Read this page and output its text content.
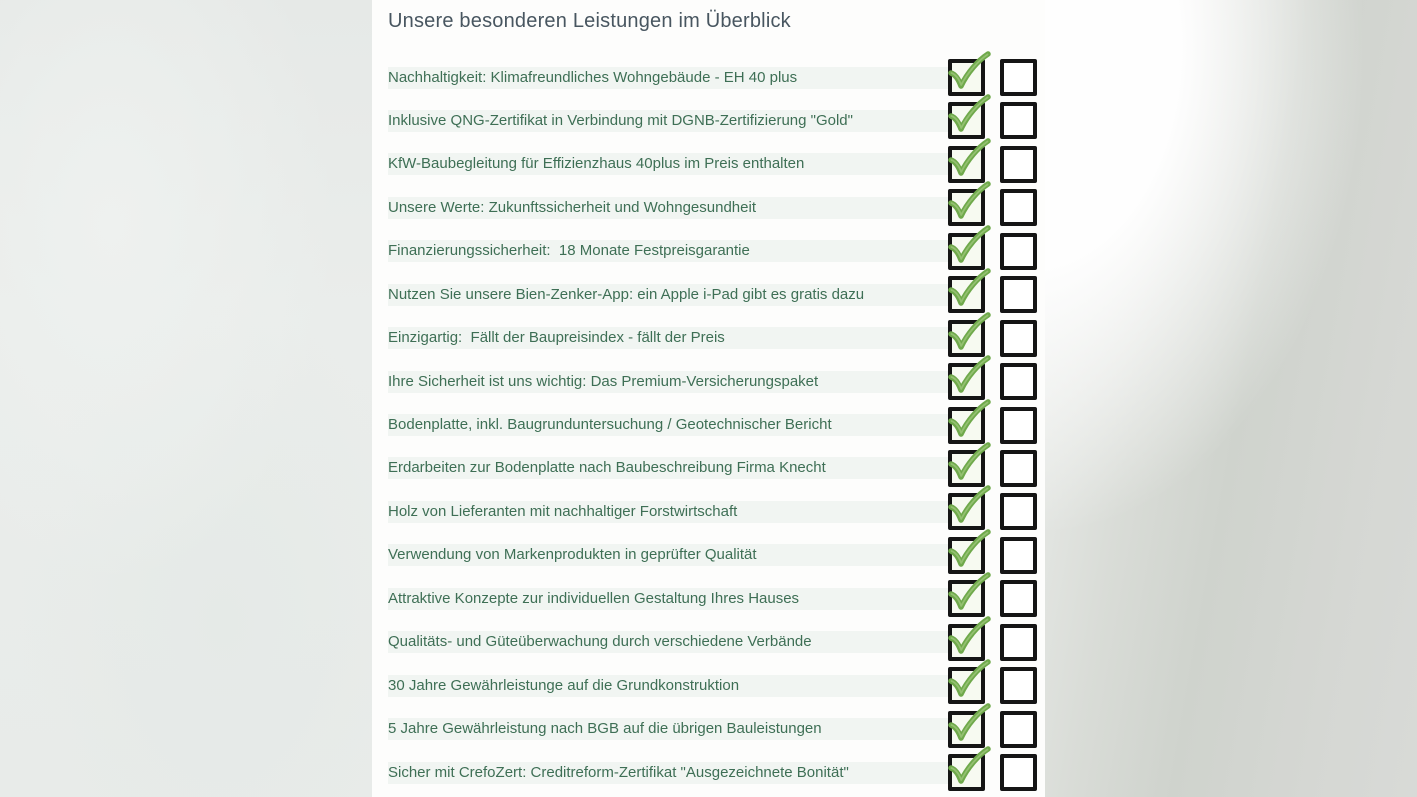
Unsere besonderen Leistungen im Überblick
Nachhaltigkeit: Klimafreundliches Wohngebäude - EH 40 plus
Inklusive QNG-Zertifikat in Verbindung mit DGNB-Zertifizierung "Gold"
KfW-Baubegleitung für Effizienzhaus 40plus im Preis enthalten
Unsere Werte: Zukunftssicherheit und Wohngesundheit
Finanzierungssicherheit:  18 Monate Festpreisgarantie
Nutzen Sie unsere Bien-Zenker-App: ein Apple i-Pad gibt es gratis dazu
Einzigartig:  Fällt der Baupreisindex - fällt der Preis
Ihre Sicherheit ist uns wichtig: Das Premium-Versicherungspaket
Bodenplatte, inkl. Baugrunduntersuchung / Geotechnischer Bericht
Erdarbeiten zur Bodenplatte nach Baubeschreibung Firma Knecht
Holz von Lieferanten mit nachhaltiger Forstwirtschaft
Verwendung von Markenprodukten in geprüfter Qualität
Attraktive Konzepte zur individuellen Gestaltung Ihres Hauses
Qualitäts- und Güteüberwachung durch verschiedene Verbände
30 Jahre Gewährleistunge auf die Grundkonstruktion
5 Jahre Gewährleistung nach BGB auf die übrigen Bauleistungen
Sicher mit CrefoZert: Creditreform-Zertifikat "Ausgezeichnete Bonität"
